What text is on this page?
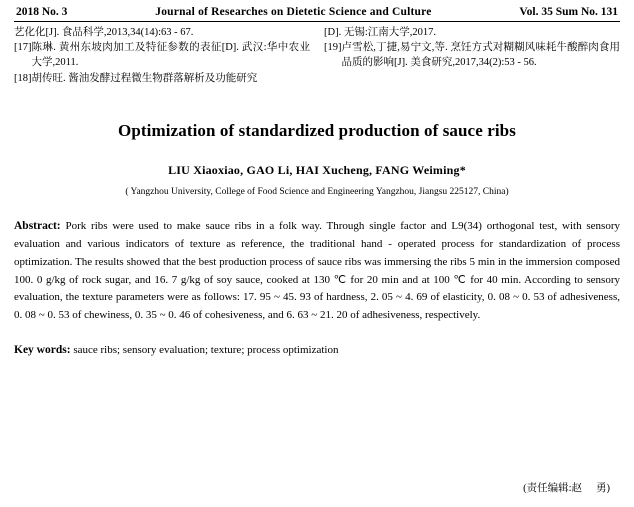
2018 No. 3	Journal of Researches on Dietetic Science and Culture	Vol. 35 Sum No. 131
艺化化[J]. 食品科学,2013,34(14):63 - 67.
[17] 陈琳. 黄州东坡肉加工及特征参数的表征[D]. 武汉:华中农业大学,2011.
[18] 胡传旺. 酱油发酵过程微生物群落解析及功能研究
[D]. 无锡:江南大学,2017.
[19] 卢雪松,丁捷,易宁文,等. 烹饪方式对糊糊风味耗牛酸醉肉食用品质的影响[J]. 美食研究,2017,34(2):53 - 56.
Optimization of standardized production of sauce ribs
LIU Xiaoxiao, GAO Li, HAI Xucheng, FANG Weiming*
( Yangzhou University, College of Food Science and Engineering Yangzhou, Jiangsu 225127, China)
Abstract: Pork ribs were used to make sauce ribs in a folk way. Through single factor and L9(34) orthogonal test, with sensory evaluation and various indicators of texture as reference, the traditional hand - operated process for standardization of process optimization. The results showed that the best production process of sauce ribs was immersing the ribs 5 min in the immersion composed 100. 0 g/kg of rock sugar, and 16. 7 g/kg of soy sauce, cooked at 130 ℃ for 20 min and at 100 ℃ for 40 min. According to sensory evaluation, the texture parameters were as follows: 17. 95 ~ 45. 93 of hardness, 2. 05 ~ 4. 69 of elasticity, 0. 08 ~ 0. 53 of adhesiveness, 0. 08 ~ 0. 53 of chewiness, 0. 35 ~ 0. 46 of cohesiveness, and 6. 63 ~ 21. 20 of adhesiveness, respectively.
Key words: sauce ribs; sensory evaluation; texture; process optimization
(责任编辑:赵 勇)
